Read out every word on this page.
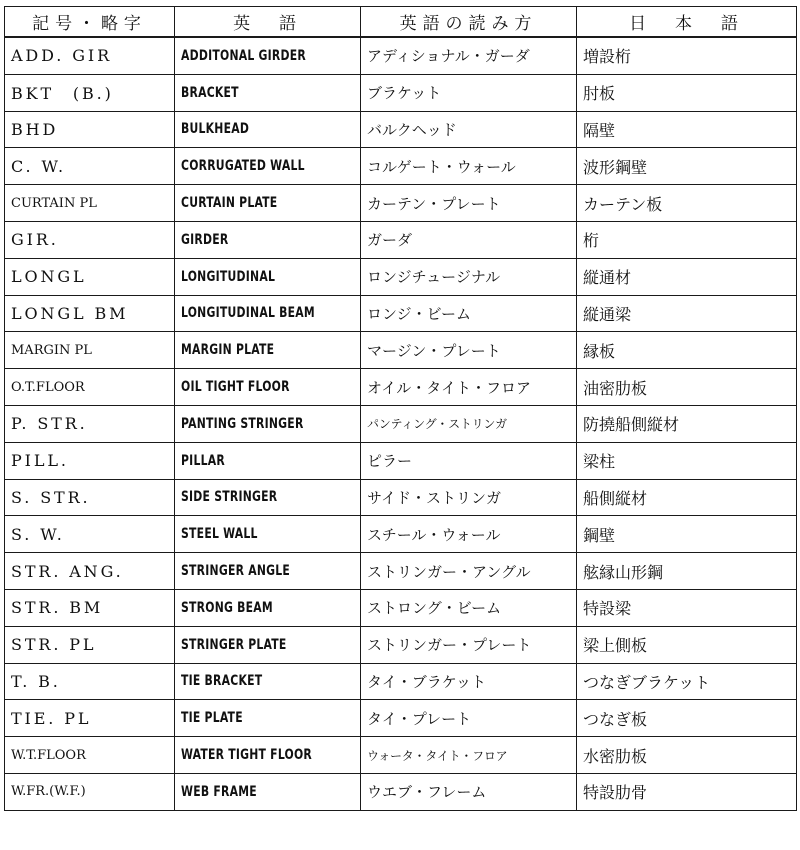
記号・略字	英　語	英語の読み方	日　本　語
ADD. GIR	ADDITONAL GIRDER	アディショナル・ガーダ	増設桁
BKT　(B.)	BRACKET	ブラケット	肘板
BHD	BULKHEAD	バルクヘッド	隔壁
C. W.	CORRUGATED WALL	コルゲート・ウォール	波形鋼壁
CURTAIN PL	CURTAIN PLATE	カーテン・プレート	カーテン板
GIR.	GIRDER	ガーダ	桁
LONGL	LONGITUDINAL	ロンジチュージナル	縦通材
LONGL BM	LONGITUDINAL BEAM	ロンジ・ビーム	縦通梁
MARGIN PL	MARGIN PLATE	マージン・プレート	縁板
O.T.FLOOR	OIL TIGHT FLOOR	オイル・タイト・フロア	油密肋板
P. STR.	PANTING STRINGER	パンティング・ストリンガ	防撓船側縦材
PILL.	PILLAR	ピラー	梁柱
S. STR.	SIDE STRINGER	サイド・ストリンガ	船側縦材
S. W.	STEEL WALL	スチール・ウォール	鋼壁
STR. ANG.	STRINGER ANGLE	ストリンガー・アングル	舷縁山形鋼
STR. BM	STRONG BEAM	ストロング・ビーム	特設梁
STR. PL	STRINGER PLATE	ストリンガー・プレート	梁上側板
T. B.	TIE BRACKET	タイ・ブラケット	つなぎブラケット
TIE. PL	TIE PLATE	タイ・プレート	つなぎ板
W.T.FLOOR	WATER TIGHT FLOOR	ウォータ・タイト・フロア	水密肋板
W.FR.(W.F.)	WEB FRAME	ウエブ・フレーム	特設肋骨
